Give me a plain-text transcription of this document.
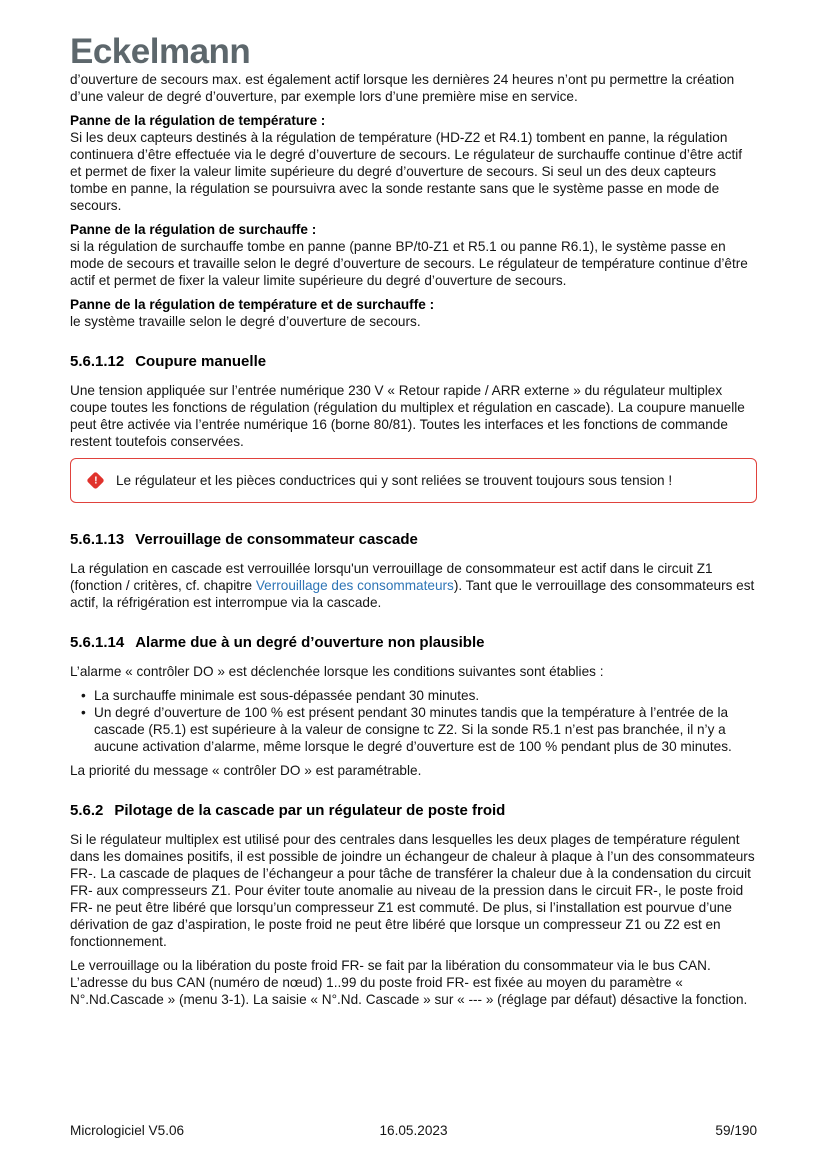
Eckelmann

d’ouverture de secours max. est également actif lorsque les dernières 24 heures n’ont pu permettre la création d’une valeur de degré d’ouverture, par exemple lors d’une première mise en service.

Panne de la régulation de température :
Si les deux capteurs destinés à la régulation de température (HD-Z2 et R4.1) tombent en panne, la régulation continuera d’être effectuée via le degré d’ouverture de secours. Le régulateur de surchauffe continue d’être actif et permet de fixer la valeur limite supérieure du degré d’ouverture de secours. Si seul un des deux capteurs tombe en panne, la régulation se poursuivra avec la sonde restante sans que le système passe en mode de secours.
Panne de la régulation de surchauffe :
si la régulation de surchauffe tombe en panne (panne BP/t0-Z1 et R5.1 ou panne R6.1), le système passe en mode de secours et travaille selon le degré d’ouverture de secours. Le régulateur de température continue d’être actif et permet de fixer la valeur limite supérieure du degré d’ouverture de secours.
Panne de la régulation de température et de surchauffe :
le système travaille selon le degré d’ouverture de secours.
5.6.1.12 Coupure manuelle

Une tension appliquée sur l’entrée numérique 230 V « Retour rapide / ARR externe » du régulateur multiplex coupe toutes les fonctions de régulation (régulation du multiplex et régulation en cascade). La coupure manuelle peut être activée via l’entrée numérique 16 (borne 80/81). Toutes les interfaces et les fonctions de commande restent toutefois conservées.

! Le régulateur et les pièces conductrices qui y sont reliées se trouvent toujours sous tension !
5.6.1.13 Verrouillage de consommateur cascade

La régulation en cascade est verrouillée lorsqu'un verrouillage de consommateur est actif dans le circuit Z1 (fonction / critères, cf. chapitre Verrouillage des consommateurs). Tant que le verrouillage des consommateurs est actif, la réfrigération est interrompue via la cascade.

5.6.1.14 Alarme due à un degré d’ouverture non plausible

L’alarme « contrôler DO » est déclenchée lorsque les conditions suivantes sont établies :

• La surchauffe minimale est sous-dépassée pendant 30 minutes.
• Un degré d’ouverture de 100 % est présent pendant 30 minutes tandis que la température à l’entrée de la cascade (R5.1) est supérieure à la valeur de consigne tc Z2. Si la sonde R5.1 n’est pas branchée, il n’y a aucune activation d’alarme, même lorsque le degré d’ouverture est de 100 % pendant plus de 30 minutes.

La priorité du message « contrôler DO » est paramétrable.

5.6.2 Pilotage de la cascade par un régulateur de poste froid

Si le régulateur multiplex est utilisé pour des centrales dans lesquelles les deux plages de température régulent dans les domaines positifs, il est possible de joindre un échangeur de chaleur à plaque à l’un des consommateurs FR-. La cascade de plaques de l’échangeur a pour tâche de transférer la chaleur due à la condensation du circuit FR- aux compresseurs Z1. Pour éviter toute anomalie au niveau de la pression dans le circuit FR-, le poste froid FR- ne peut être libéré que lorsqu’un compresseur Z1 est commuté. De plus, si l’installation est pourvue d’une dérivation de gaz d’aspiration, le poste froid ne peut être libéré que lorsque un compresseur Z1 ou Z2 est en fonctionnement.

Le verrouillage ou la libération du poste froid FR- se fait par la libération du consommateur via le bus CAN. L’adresse du bus CAN (numéro de nœud) 1..99 du poste froid FR- est fixée au moyen du paramètre « N°.Nd.Cascade » (menu 3-1). La saisie « N°.Nd. Cascade » sur « --- » (réglage par défaut) désactive la fonction.

Micrologiciel V5.06	16.05.2023	59/190
